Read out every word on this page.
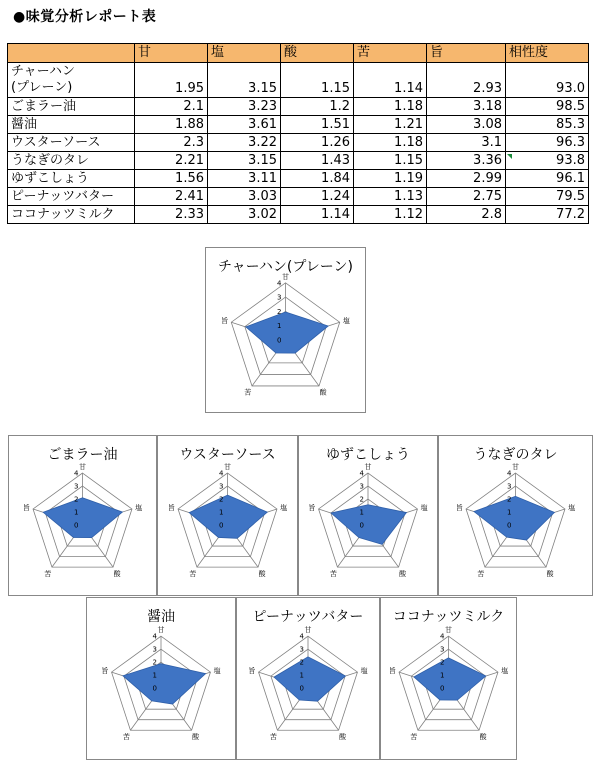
●味覚分析レポート表
	甘	塩	酸	苦	旨	相性度

チャーハン
(プレーン)	1.95	3.15	1.15	1.14	2.93	93.0

ごまラー油	2.1	3.23	1.2	1.18	3.18	98.5

醤油	1.88	3.61	1.51	1.21	3.08	85.3

ウスターソース	2.3	3.22	1.26	1.18	3.1	96.3

うなぎのタレ	2.21	3.15	1.43	1.15	3.36	93.8

ゆずこしょう	1.56	3.11	1.84	1.19	2.99	96.1

ピーナッツバター	2.41	3.03	1.24	1.13	2.75	79.5

ココナッツミルク	2.33	3.02	1.14	1.12	2.8	77.2
チャーハン(プレーン)
0
1
2
3
4
甘
塩
酸
苦
旨
ごまラー油
0
1
2
3
4
甘
塩
酸
苦
旨
ウスターソース
0
1
2
3
4
甘
塩
酸
苦
旨
ゆずこしょう
0
1
2
3
4
甘
塩
酸
苦
旨
うなぎのタレ
0
1
2
3
4
甘
塩
酸
苦
旨
醤油
0
1
2
3
4
甘
塩
酸
苦
旨
ピーナッツバター
0
1
2
3
4
甘
塩
酸
苦
旨
ココナッツミルク
0
1
2
3
4
甘
塩
酸
苦
旨
